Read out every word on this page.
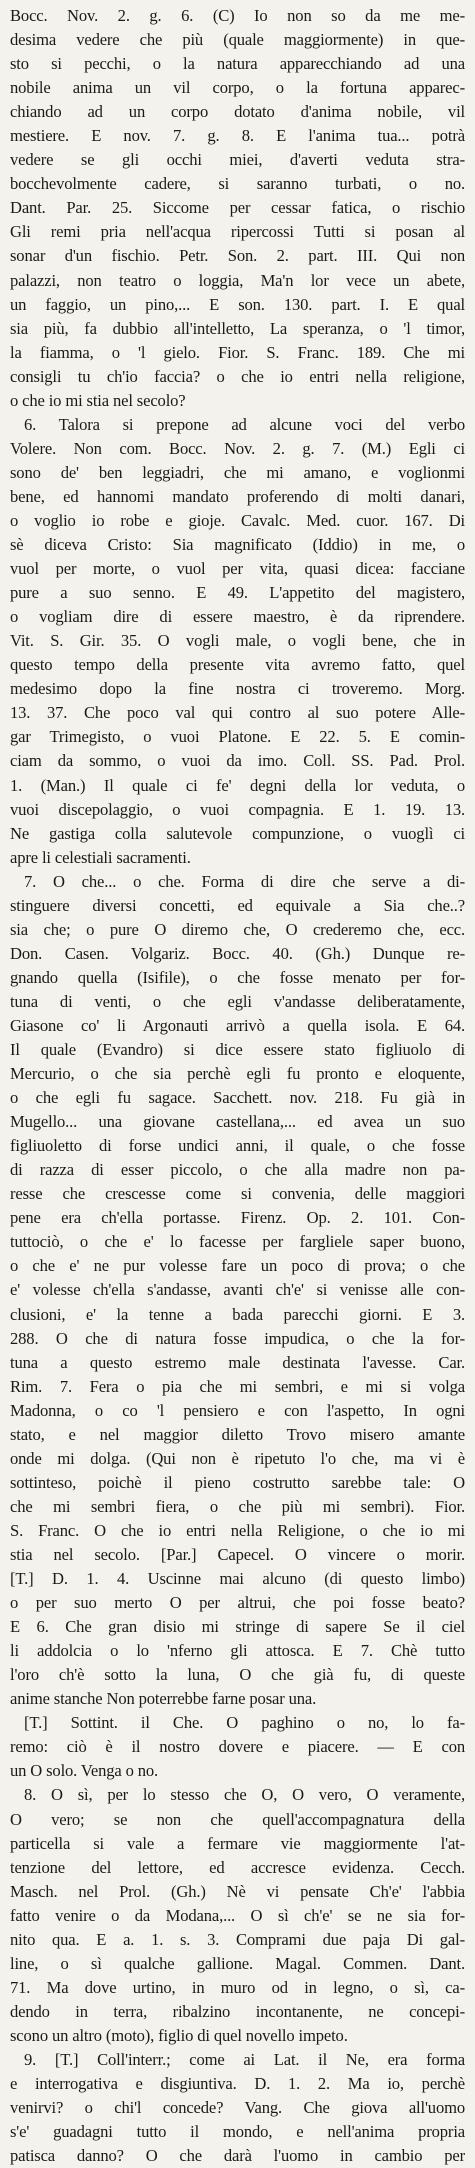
Bocc. Nov. 2. g. 6. (C) Io non so da me me-
desima vedere che più (quale maggiormente) in que-
sto si pecchi, o la natura apparecchiando ad una
nobile anima un vil corpo, o la fortuna apparec-
chiando ad un corpo dotato d'anima nobile, vil
mestiere. E nov. 7. g. 8. E l'anima tua... potrà
vedere se gli occhi miei, d'averti veduta stra-
bocchevolmente cadere, si saranno turbati, o no.
Dant. Par. 25. Siccome per cessar fatica, o rischio
Gli remi pria nell'acqua ripercossi Tutti si posan al
sonar d'un fischio. Petr. Son. 2. part. III. Qui non
palazzi, non teatro o loggia, Ma'n lor vece un abete,
un faggio, un pino,... E son. 130. part. I. E qual
sia più, fa dubbio all'intelletto, La speranza, o 'l timor,
la fiamma, o 'l gielo. Fior. S. Franc. 189. Che mi
consigli tu ch'io faccia? o che io entri nella religione,
o che io mi stia nel secolo?
6. Talora si prepone ad alcune voci del verbo
Volere. Non com. Bocc. Nov. 2. g. 7. (M.) Egli ci
sono de' ben leggiadri, che mi amano, e voglionmi
bene, ed hannomi mandato proferendo di molti danari,
o voglio io robe e gioje. Cavalc. Med. cuor. 167. Di
sè diceva Cristo: Sia magnificato (Iddio) in me, o
vuol per morte, o vuol per vita, quasi dicea: facciane
pure a suo senno. E 49. L'appetito del magistero,
o vogliam dire di essere maestro, è da riprendere.
Vit. S. Gir. 35. O vogli male, o vogli bene, che in
questo tempo della presente vita avremo fatto, quel
medesimo dopo la fine nostra ci troveremo. Morg.
13. 37. Che poco val qui contro al suo potere Alle-
gar Trimegisto, o vuoi Platone. E 22. 5. E comin-
ciam da sommo, o vuoi da imo. Coll. SS. Pad. Prol.
1. (Man.) Il quale ci fe' degni della lor veduta, o
vuoi discepolaggio, o vuoi compagnia. E 1. 19. 13.
Ne gastiga colla salutevole compunzione, o vuoglì ci
apre li celestiali sacramenti.
7. O che... o che. Forma di dire che serve a di-
stinguere diversi concetti, ed equivale a Sia che..?
sia che; o pure O diremo che, O crederemo che, ecc.
Don. Casen. Volgariz. Bocc. 40. (Gh.) Dunque re-
gnando quella (Isifile), o che fosse menato per for-
tuna di venti, o che egli v'andasse deliberatamente,
Giasone co' li Argonauti arrivò a quella isola. E 64.
Il quale (Evandro) si dice essere stato figliuolo di
Mercurio, o che sia perchè egli fu pronto e eloquente,
o che egli fu sagace. Sacchett. nov. 218. Fu già in
Mugello... una giovane castellana,... ed avea un suo
figliuoletto di forse undici anni, il quale, o che fosse
di razza di esser piccolo, o che alla madre non pa-
resse che crescesse come si convenia, delle maggiori
pene era ch'ella portasse. Firenz. Op. 2. 101. Con-
tuttociò, o che e' lo facesse per fargliele saper buono,
o che e' ne pur volesse fare un poco di prova; o che
e' volesse ch'ella s'andasse, avanti ch'e' si venisse alle con-
clusioni, e' la tenne a bada parecchi giorni. E 3.
288. O che di natura fosse impudica, o che la for-
tuna a questo estremo male destinata l'avesse. Car.
Rim. 7. Fera o pia che mi sembri, e mi si volga
Madonna, o co 'l pensiero e con l'aspetto, In ogni
stato, e nel maggior diletto Trovo misero amante
onde mi dolga. (Qui non è ripetuto l'o che, ma vi è
sottinteso, poichè il pieno costrutto sarebbe tale: O
che mi sembri fiera, o che più mi sembri). Fior.
S. Franc. O che io entri nella Religione, o che io mi
stia nel secolo. [Par.] Capecel. O vincere o morir.
[T.] D. 1. 4. Uscinne mai alcuno (di questo limbo)
o per suo merto O per altrui, che poi fosse beato?
E 6. Che gran disio mi stringe di sapere Se il ciel
li addolcia o lo 'nferno gli attosca. E 7. Chè tutto
l'oro ch'è sotto la luna, O che già fu, di queste
anime stanche Non poterrebbe farne posar una.
[T.] Sottint. il Che. O paghino o no, lo fa-
remo: ciò è il nostro dovere e piacere. — E con
un O solo. Venga o no.
8. O sì, per lo stesso che O, O vero, O veramente,
O vero; se non che quell'accompagnatura della
particella si vale a fermare vie maggiormente l'at-
tenzione del lettore, ed accresce evidenza. Cecch.
Masch. nel Prol. (Gh.) Nè vi pensate Ch'e' l'abbia
fatto venire o da Modana,... O sì ch'e' se ne sia for-
nito qua. E a. 1. s. 3. Comprami due paja Di gal-
line, o sì qualche gallione. Magal. Commen. Dant.
71. Ma dove urtino, in muro od in legno, o sì, ca-
dendo in terra, ribalzino incontanente, ne concepi-
scono un altro (moto), figlio di quel novello impeto.
9. [T.] Coll'interr.; come ai Lat. il Ne, era forma
e interrogativa e disgiuntiva. D. 1. 2. Ma io, perchè
venirvi? o chi'l concede? Vang. Che giova all'uomo
s'e' guadagni tutto il mondo, e nell'anima propria
patisca danno? O che darà l'uomo in cambio per
